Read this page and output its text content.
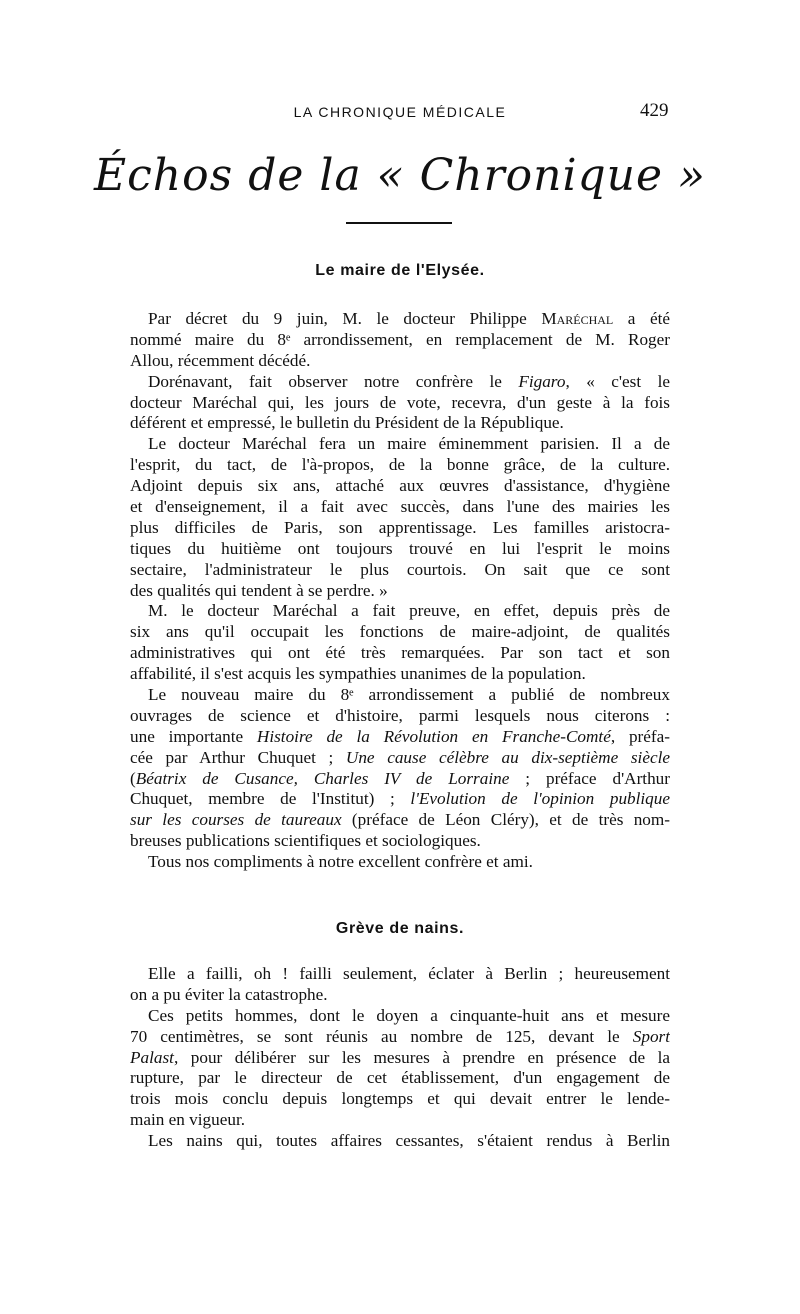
LA CHRONIQUE MÉDICALE	429
Échos de la « Chronique »
Le maire de l'Elysée.
Par décret du 9 juin, M. le docteur Philippe Maréchal a été
nommé maire du 8ᵉ arrondissement, en remplacement de M. Roger
Allou, récemment décédé.
Dorénavant, fait observer notre confrère le Figaro, « c'est le
docteur Maréchal qui, les jours de vote, recevra, d'un geste à la fois
déférent et empressé, le bulletin du Président de la République.
Le docteur Maréchal fera un maire éminemment parisien. Il a de
l'esprit, du tact, de l'à-propos, de la bonne grâce, de la culture.
Adjoint depuis six ans, attaché aux œuvres d'assistance, d'hygiène
et d'enseignement, il a fait avec succès, dans l'une des mairies les
plus difficiles de Paris, son apprentissage. Les familles aristocra-
tiques du huitième ont toujours trouvé en lui l'esprit le moins
sectaire, l'administrateur le plus courtois. On sait que ce sont
des qualités qui tendent à se perdre. »
M. le docteur Maréchal a fait preuve, en effet, depuis près de
six ans qu'il occupait les fonctions de maire-adjoint, de qualités
administratives qui ont été très remarquées. Par son tact et son
affabilité, il s'est acquis les sympathies unanimes de la population.
Le nouveau maire du 8ᵉ arrondissement a publié de nombreux
ouvrages de science et d'histoire, parmi lesquels nous citerons :
une importante Histoire de la Révolution en Franche-Comté, préfa-
cée par Arthur Chuquet ; Une cause célèbre au dix-septième siècle
(Béatrix de Cusance, Charles IV de Lorraine ; préface d'Arthur
Chuquet, membre de l'Institut) ; l'Evolution de l'opinion publique
sur les courses de taureaux (préface de Léon Cléry), et de très nom-
breuses publications scientifiques et sociologiques.
Tous nos compliments à notre excellent confrère et ami.
Grève de nains.
Elle a failli, oh ! failli seulement, éclater à Berlin ; heureusement
on a pu éviter la catastrophe.
Ces petits hommes, dont le doyen a cinquante-huit ans et mesure
70 centimètres, se sont réunis au nombre de 125, devant le Sport
Palast, pour délibérer sur les mesures à prendre en présence de la
rupture, par le directeur de cet établissement, d'un engagement de
trois mois conclu depuis longtemps et qui devait entrer le lende-
main en vigueur.
Les nains qui, toutes affaires cessantes, s'étaient rendus à Berlin
